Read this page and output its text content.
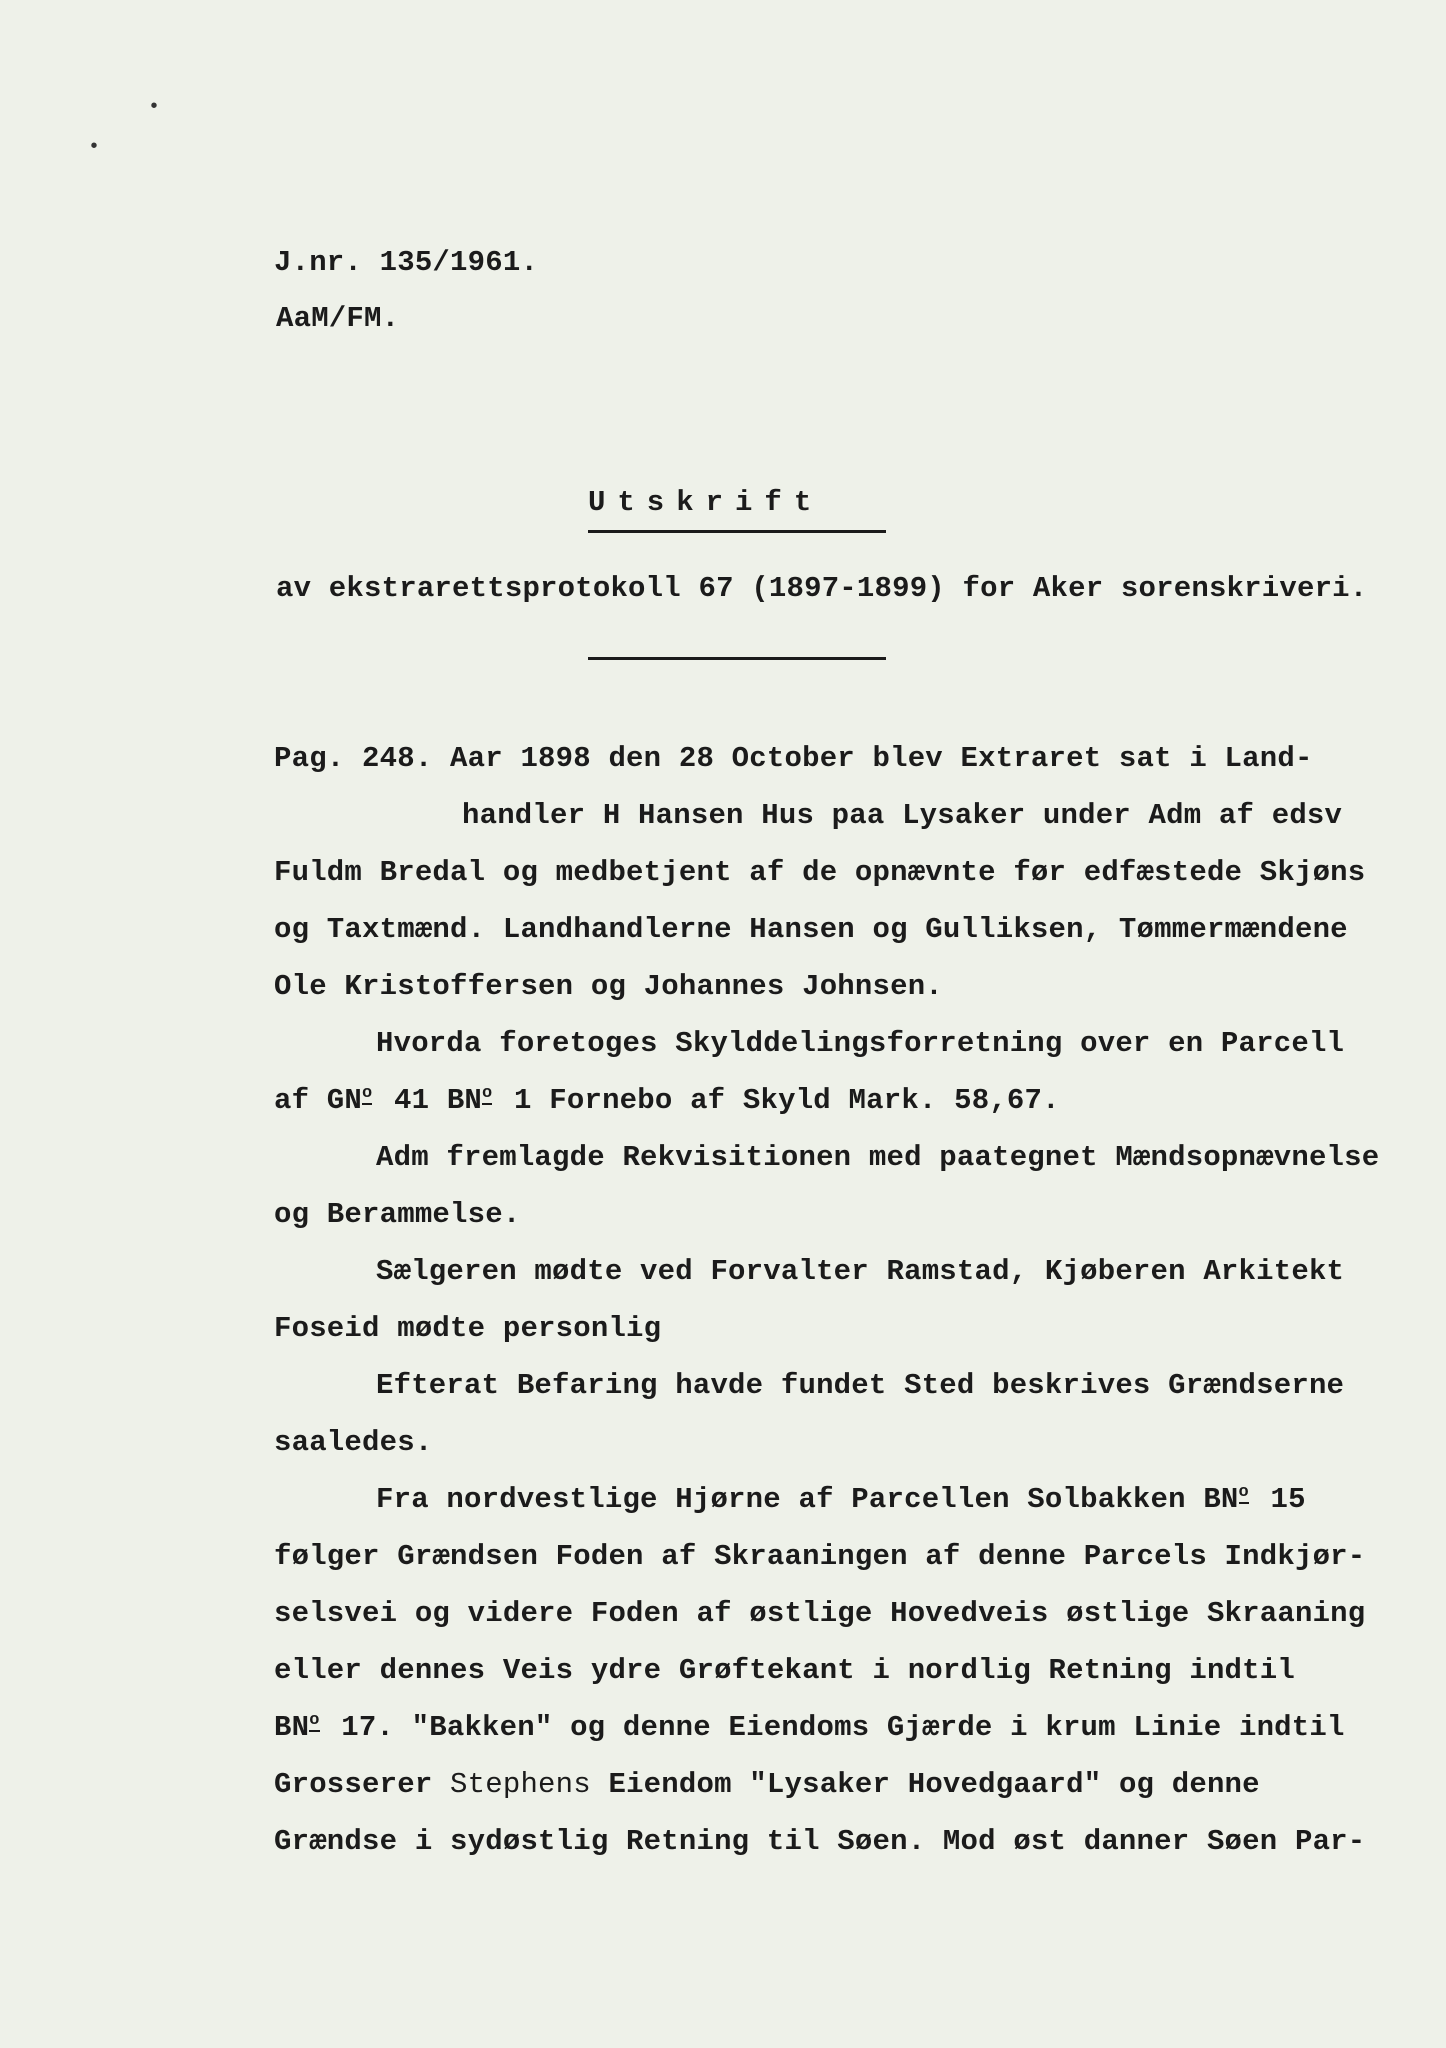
•
•
J.nr. 135/1961.
AaM/FM.
Utskrift
av ekstrarettsprotokoll 67 (1897-1899) for Aker sorenskriveri.
Pag. 248. Aar 1898 den 28 October blev Extraret sat i Land-
handler H Hansen Hus paa Lysaker under Adm af edsv
Fuldm Bredal og medbetjent af de opnævnte før edfæstede Skjøns
og Taxtmænd. Landhandlerne Hansen og Gulliksen, Tømmermændene
Ole Kristoffersen og Johannes Johnsen.
Hvorda foretoges Skylddelingsforretning over en Parcell
af $GN^o$ 41 $BN^o$ 1 Fornebo af Skyld Mark. 58,67.
Adm fremlagde Rekvisitionen med paategnet Mændsopnævnelse
og Berammelse.
Sælgeren mødte ved Forvalter Ramstad, Kjøberen Arkitekt
Foseid mødte personlig
Efterat Befaring havde fundet Sted beskrives Grændserne
saaledes.
Fra nordvestlige Hjørne af Parcellen Solbakken $BN^o$ 15
følger Grændsen Foden af Skraaningen af denne Parcels Indkjør-
selsvei og videre Foden af østlige Hovedveis østlige Skraaning
eller dennes Veis ydre Grøftekant i nordlig Retning indtil
$BN^o$ 17. "Bakken" og denne Eiendoms Gjærde i krum Linie indtil
Grosserer Stephens Eiendom "Lysaker Hovedgaard" og denne
Grændse i sydøstlig Retning til Søen. Mod øst danner Søen Par-
